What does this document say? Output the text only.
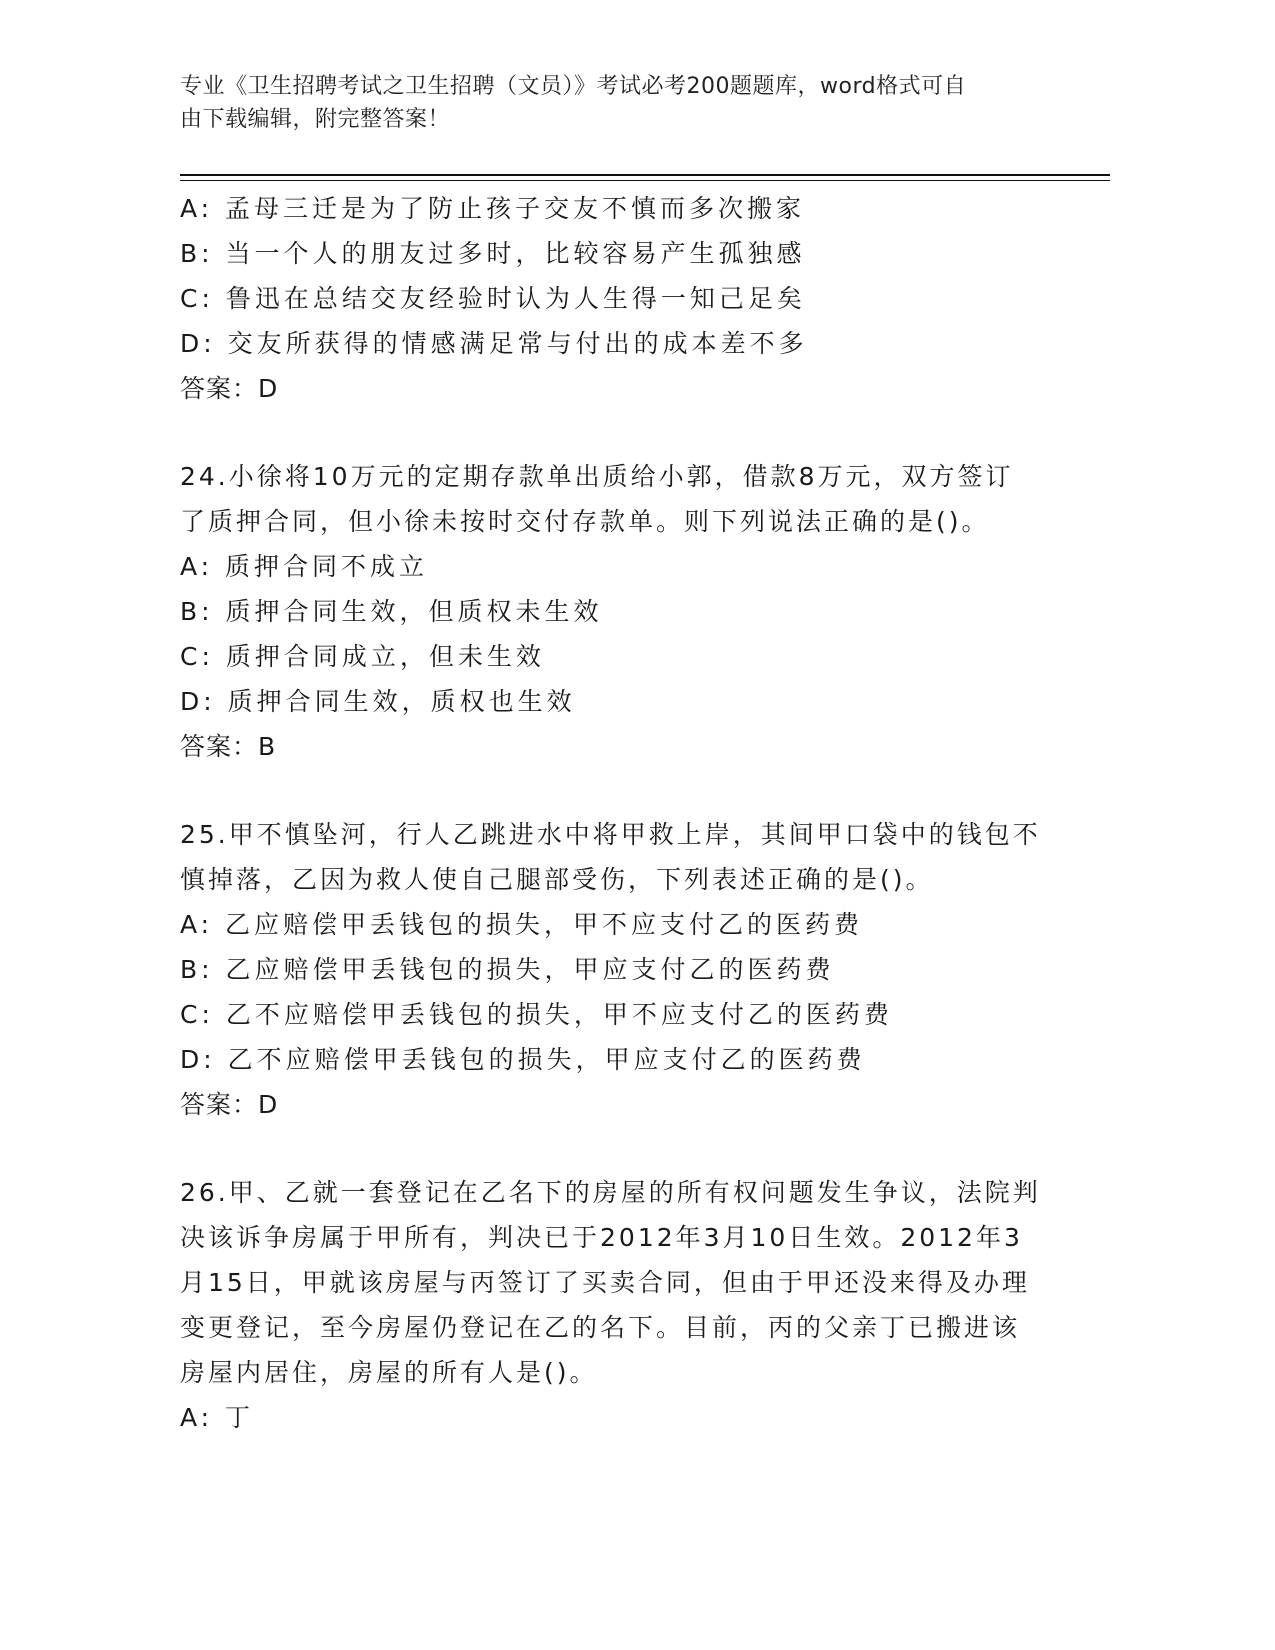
专业《卫生招聘考试之卫生招聘（文员）》考试必考200题题库，word格式可自
由下载编辑，附完整答案！
A: 孟母三迁是为了防止孩子交友不慎而多次搬家
B: 当一个人的朋友过多时，比较容易产生孤独感
C: 鲁迅在总结交友经验时认为人生得一知己足矣
D: 交友所获得的情感满足常与付出的成本差不多
答案：D
24.小徐将10万元的定期存款单出质给小郭，借款8万元，双方签订
了质押合同，但小徐未按时交付存款单。则下列说法正确的是()。
A: 质押合同不成立
B: 质押合同生效，但质权未生效
C: 质押合同成立，但未生效
D: 质押合同生效，质权也生效
答案：B
25.甲不慎坠河，行人乙跳进水中将甲救上岸，其间甲口袋中的钱包不
慎掉落，乙因为救人使自己腿部受伤，下列表述正确的是()。
A: 乙应赔偿甲丢钱包的损失，甲不应支付乙的医药费
B: 乙应赔偿甲丢钱包的损失，甲应支付乙的医药费
C: 乙不应赔偿甲丢钱包的损失，甲不应支付乙的医药费
D: 乙不应赔偿甲丢钱包的损失，甲应支付乙的医药费
答案：D
26.甲、乙就一套登记在乙名下的房屋的所有权问题发生争议，法院判
决该诉争房属于甲所有，判决已于2012年3月10日生效。2012年3
月15日，甲就该房屋与丙签订了买卖合同，但由于甲还没来得及办理
变更登记，至今房屋仍登记在乙的名下。目前，丙的父亲丁已搬进该
房屋内居住，房屋的所有人是()。
A: 丁
